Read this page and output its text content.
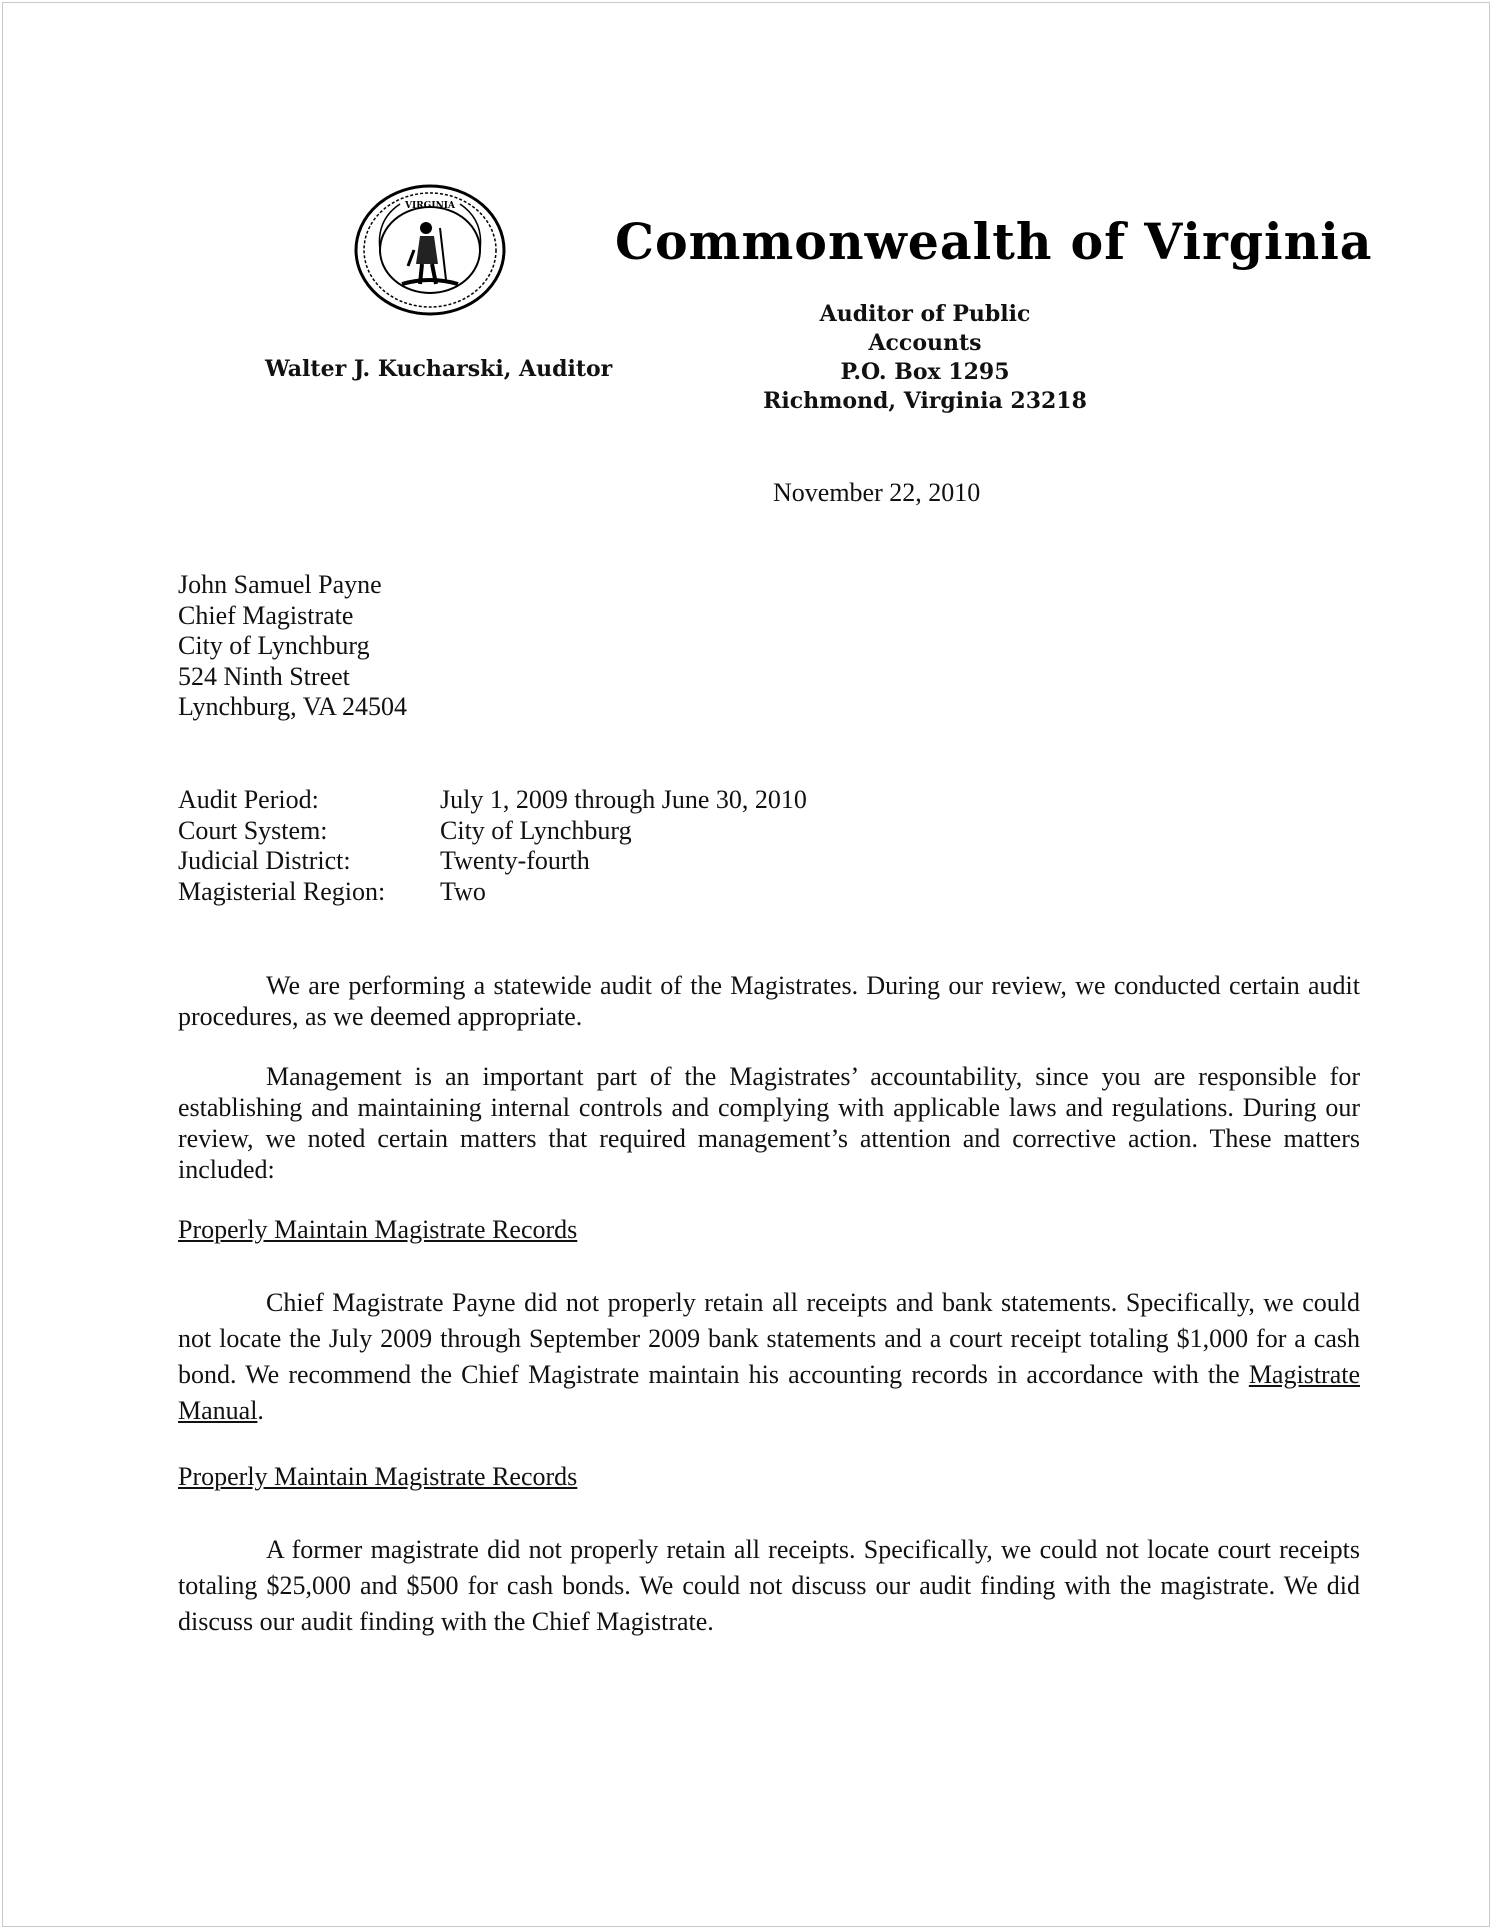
VIRGINIA
Commonwealth of Virginia
Auditor of Public Accounts
P.O. Box 1295
Richmond, Virginia 23218
Walter J. Kucharski, Auditor
November 22, 2010
John Samuel Payne
Chief Magistrate
City of Lynchburg
524 Ninth Street
Lynchburg, VA 24504
Audit Period:	July 1, 2009 through June 30, 2010
Court System:	City of Lynchburg
Judicial District:	Twenty-fourth
Magisterial Region:	Two
We are performing a statewide audit of the Magistrates. During our review, we conducted certain audit procedures, as we deemed appropriate.
Management is an important part of the Magistrates’ accountability, since you are responsible for establishing and maintaining internal controls and complying with applicable laws and regulations. During our review, we noted certain matters that required management’s attention and corrective action. These matters included:
Properly Maintain Magistrate Records
Chief Magistrate Payne did not properly retain all receipts and bank statements. Specifically, we could not locate the July 2009 through September 2009 bank statements and a court receipt totaling $1,000 for a cash bond. We recommend the Chief Magistrate maintain his accounting records in accordance with the Magistrate Manual.
Properly Maintain Magistrate Records
A former magistrate did not properly retain all receipts. Specifically, we could not locate court receipts totaling $25,000 and $500 for cash bonds. We could not discuss our audit finding with the magistrate. We did discuss our audit finding with the Chief Magistrate.
